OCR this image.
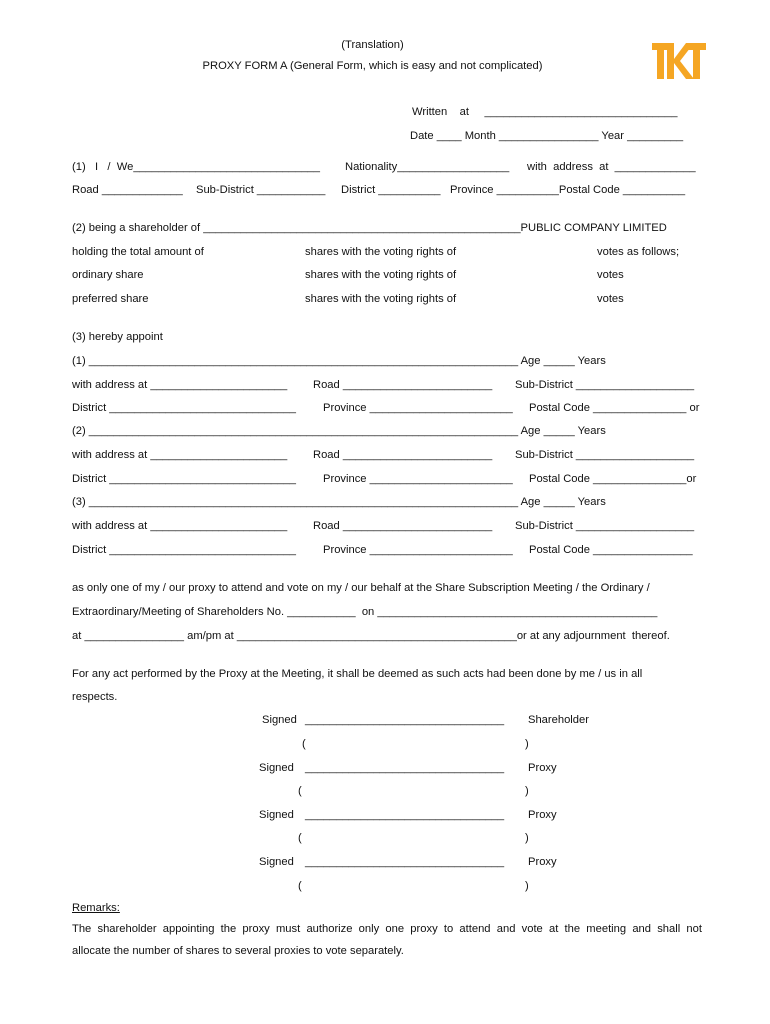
(Translation)
PROXY FORM A (General Form, which is easy and not complicated)
Written    at     _______________________________
Date ____ Month ________________ Year _________
(1)   I   /  We______________________________ Nationality__________________ with  address  at  _____________
Road _____________ Sub-District ___________ District __________ Province __________Postal Code __________
(2) being a shareholder of ___________________________________________________PUBLIC COMPANY LIMITED
holding the total amount of	shares with the voting rights of	votes as follows;
ordinary share	shares with the voting rights of	votes
preferred share	shares with the voting rights of	votes
(3) hereby appoint
(1) _____________________________________________________________________ Age _____ Years
with address at ______________________ Road ________________________ Sub-District ___________________
District ______________________________ Province _______________________ Postal Code _______________ or
(2) _____________________________________________________________________ Age _____ Years
with address at ______________________ Road ________________________ Sub-District ___________________
District ______________________________ Province _______________________ Postal Code _______________or
(3) _____________________________________________________________________ Age _____ Years
with address at ______________________ Road ________________________ Sub-District ___________________
District ______________________________ Province _______________________ Postal Code ________________
as only one of my / our proxy to attend and vote on my / our behalf at the Share Subscription Meeting / the Ordinary /
Extraordinary/Meeting of Shareholders No. ___________  on _____________________________________________
at ________________ am/pm at _____________________________________________or at any adjournment  thereof.
For any act performed by the Proxy at the Meeting, it shall be deemed as such acts had been done by me / us in all
respects.
Signed ________________________________ Shareholder
(	)
Signed ________________________________ Proxy
(	)
Signed ________________________________ Proxy
(	)
Signed ________________________________ Proxy
(	)
Remarks:
The  shareholder  appointing  the  proxy  must  authorize  only  one  proxy  to  attend  and  vote  at  the  meeting  and  shall  not
allocate the number of shares to several proxies to vote separately.
